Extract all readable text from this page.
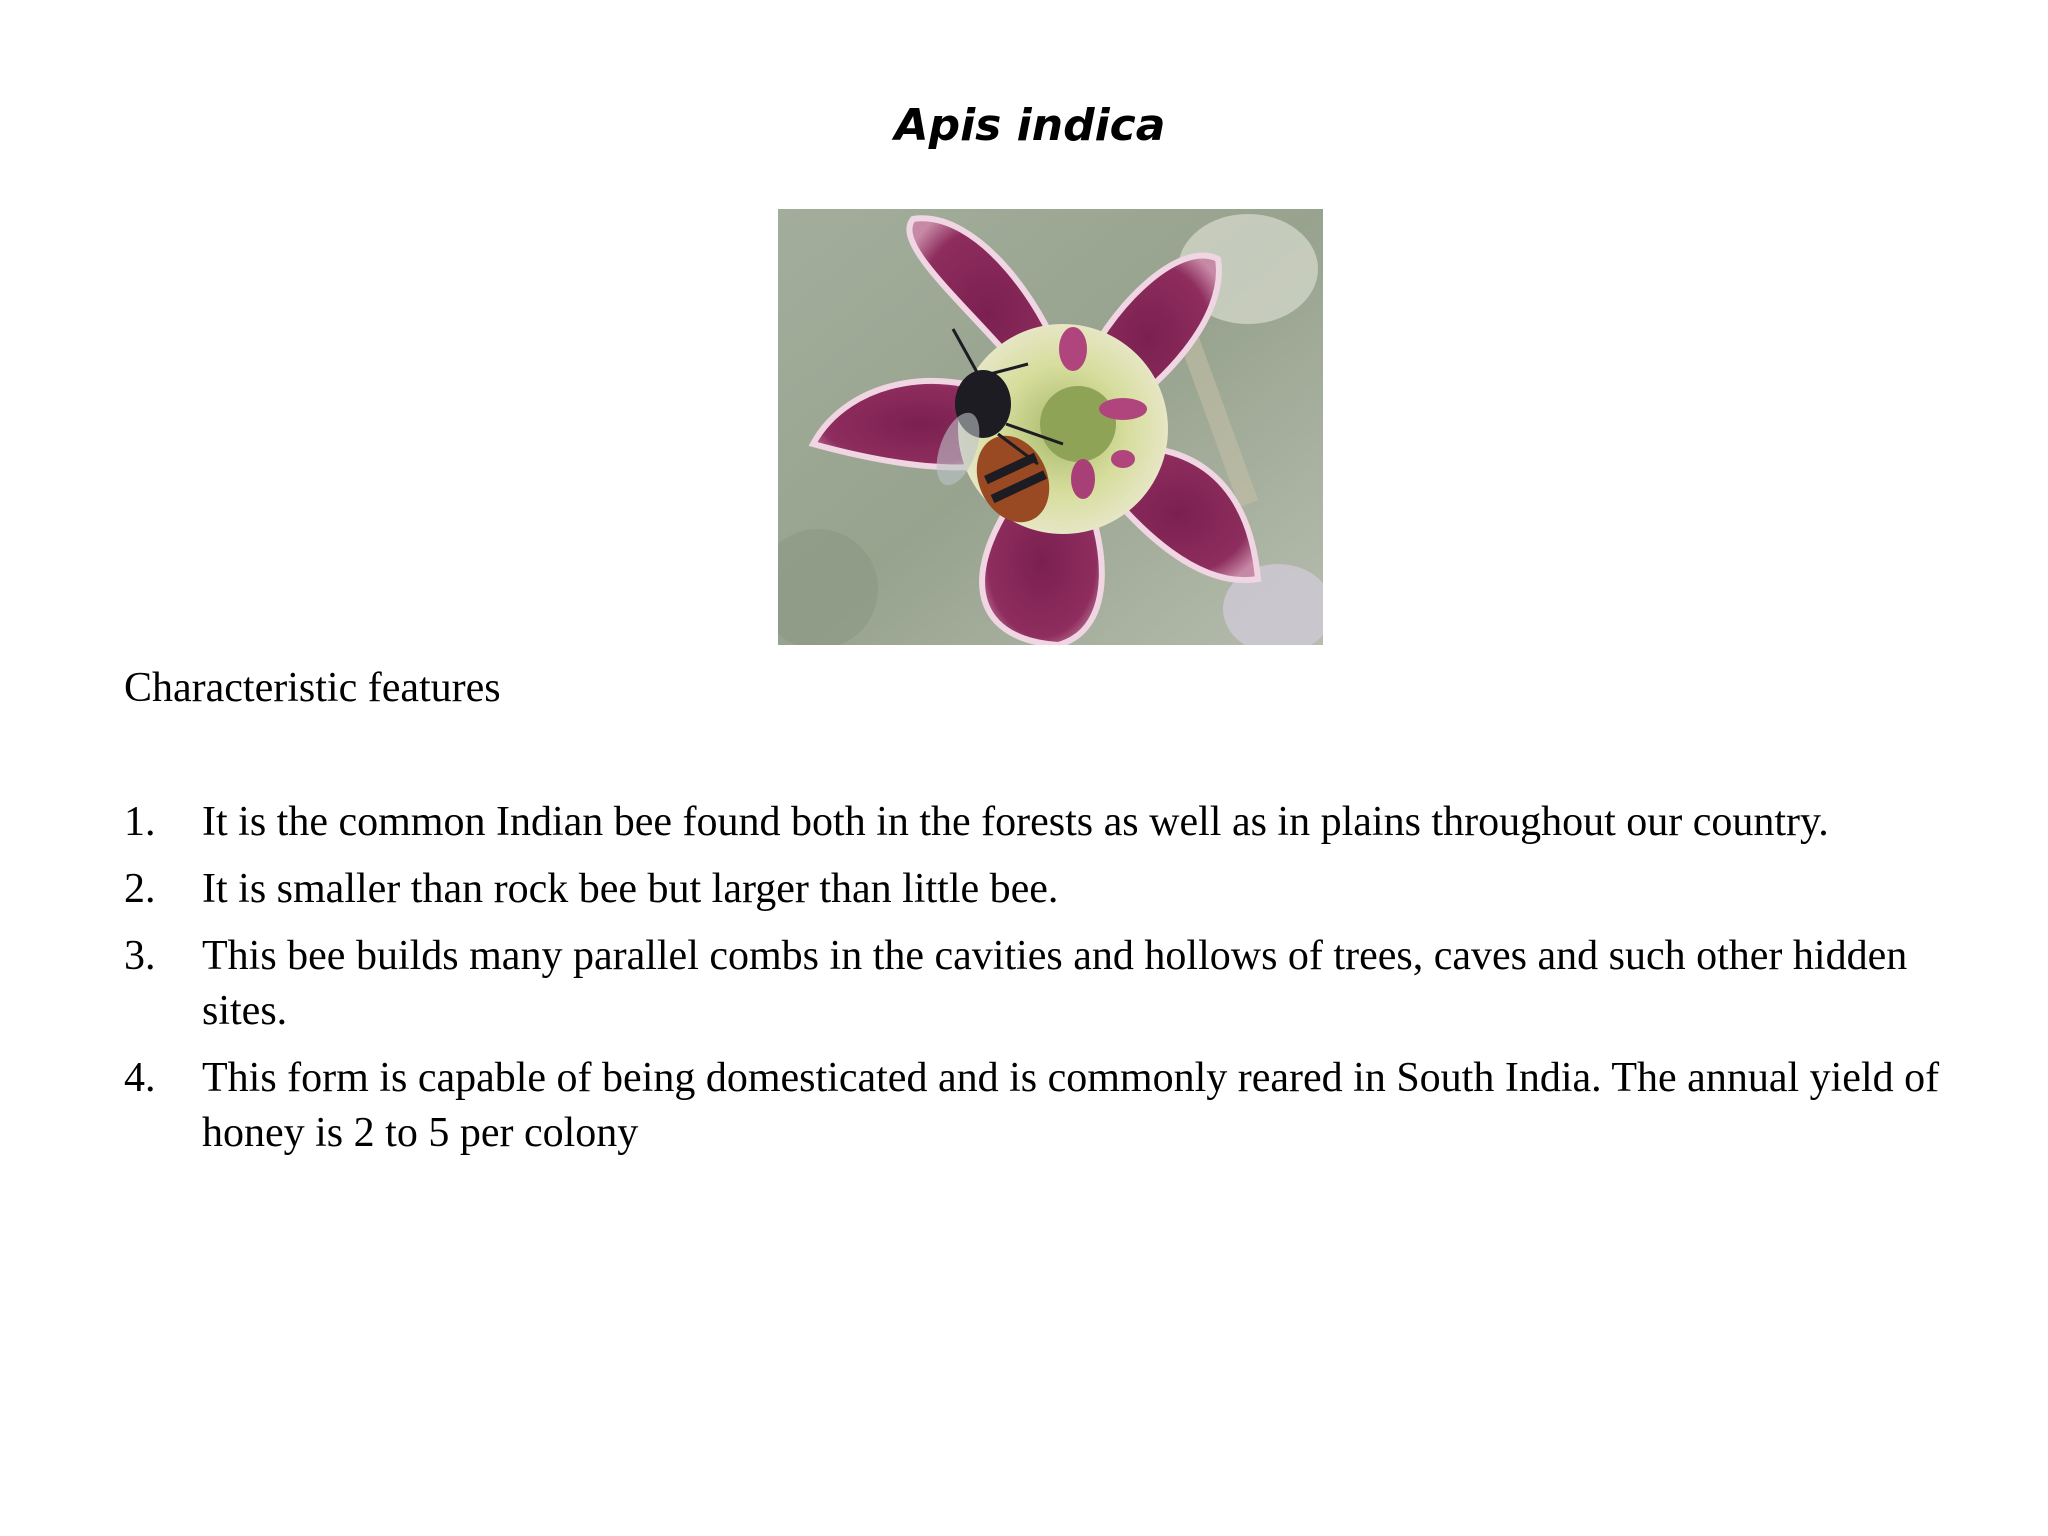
Apis indica

Characteristic features

1. It is the common Indian bee found both in the forests as well as in plains throughout our country.
2. It is smaller than rock bee but larger than little bee.
3. This bee builds many parallel combs in the cavities and hollows of trees, caves and such other hidden sites.
4. This form is capable of being domesticated and is commonly reared in South India. The annual yield of honey is 2 to 5 per colony
